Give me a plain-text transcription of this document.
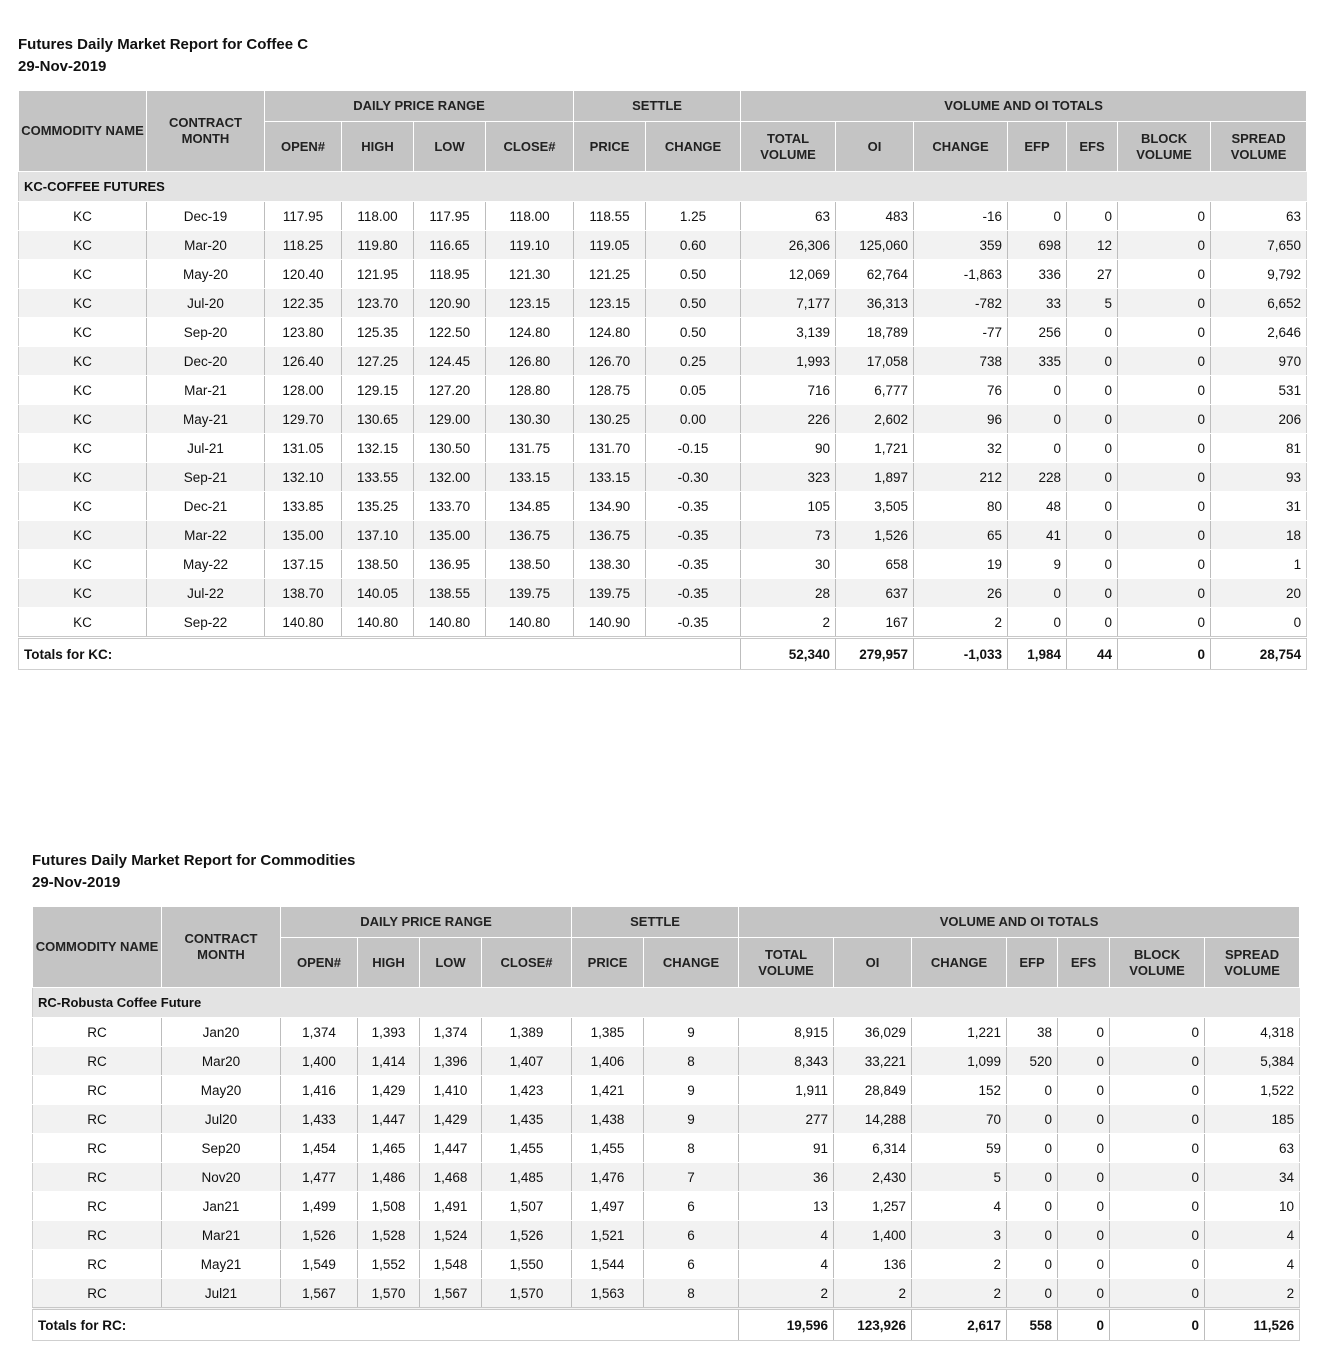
Futures Daily Market Report for Coffee C
29-Nov-2019
COMMODITY NAME	CONTRACT MONTH	DAILY PRICE RANGE				SETTLE		VOLUME AND OI TOTALS						
		OPEN#	HIGH	LOW	CLOSE#	PRICE	CHANGE	TOTAL VOLUME	OI	CHANGE	EFP	EFS	BLOCK VOLUME	SPREAD VOLUME
KC-COFFEE FUTURES														
KC	Dec-19	117.95	118.00	117.95	118.00	118.55	1.25	63	483	-16	0	0	0	63
KC	Mar-20	118.25	119.80	116.65	119.10	119.05	0.60	26,306	125,060	359	698	12	0	7,650
KC	May-20	120.40	121.95	118.95	121.30	121.25	0.50	12,069	62,764	-1,863	336	27	0	9,792
KC	Jul-20	122.35	123.70	120.90	123.15	123.15	0.50	7,177	36,313	-782	33	5	0	6,652
KC	Sep-20	123.80	125.35	122.50	124.80	124.80	0.50	3,139	18,789	-77	256	0	0	2,646
KC	Dec-20	126.40	127.25	124.45	126.80	126.70	0.25	1,993	17,058	738	335	0	0	970
KC	Mar-21	128.00	129.15	127.20	128.80	128.75	0.05	716	6,777	76	0	0	0	531
KC	May-21	129.70	130.65	129.00	130.30	130.25	0.00	226	2,602	96	0	0	0	206
KC	Jul-21	131.05	132.15	130.50	131.75	131.70	-0.15	90	1,721	32	0	0	0	81
KC	Sep-21	132.10	133.55	132.00	133.15	133.15	-0.30	323	1,897	212	228	0	0	93
KC	Dec-21	133.85	135.25	133.70	134.85	134.90	-0.35	105	3,505	80	48	0	0	31
KC	Mar-22	135.00	137.10	135.00	136.75	136.75	-0.35	73	1,526	65	41	0	0	18
KC	May-22	137.15	138.50	136.95	138.50	138.30	-0.35	30	658	19	9	0	0	1
KC	Jul-22	138.70	140.05	138.55	139.75	139.75	-0.35	28	637	26	0	0	0	20
KC	Sep-22	140.80	140.80	140.80	140.80	140.90	-0.35	2	167	2	0	0	0	0
Totals for KC:								52,340	279,957	-1,033	1,984	44	0	28,754
Futures Daily Market Report for Commodities
29-Nov-2019
COMMODITY NAME	CONTRACT MONTH	DAILY PRICE RANGE				SETTLE		VOLUME AND OI TOTALS						
		OPEN#	HIGH	LOW	CLOSE#	PRICE	CHANGE	TOTAL VOLUME	OI	CHANGE	EFP	EFS	BLOCK VOLUME	SPREAD VOLUME
RC-Robusta Coffee Future														
RC	Jan20	1,374	1,393	1,374	1,389	1,385	9	8,915	36,029	1,221	38	0	0	4,318
RC	Mar20	1,400	1,414	1,396	1,407	1,406	8	8,343	33,221	1,099	520	0	0	5,384
RC	May20	1,416	1,429	1,410	1,423	1,421	9	1,911	28,849	152	0	0	0	1,522
RC	Jul20	1,433	1,447	1,429	1,435	1,438	9	277	14,288	70	0	0	0	185
RC	Sep20	1,454	1,465	1,447	1,455	1,455	8	91	6,314	59	0	0	0	63
RC	Nov20	1,477	1,486	1,468	1,485	1,476	7	36	2,430	5	0	0	0	34
RC	Jan21	1,499	1,508	1,491	1,507	1,497	6	13	1,257	4	0	0	0	10
RC	Mar21	1,526	1,528	1,524	1,526	1,521	6	4	1,400	3	0	0	0	4
RC	May21	1,549	1,552	1,548	1,550	1,544	6	4	136	2	0	0	0	4
RC	Jul21	1,567	1,570	1,567	1,570	1,563	8	2	2	2	0	0	0	2
Totals for RC:								19,596	123,926	2,617	558	0	0	11,526
